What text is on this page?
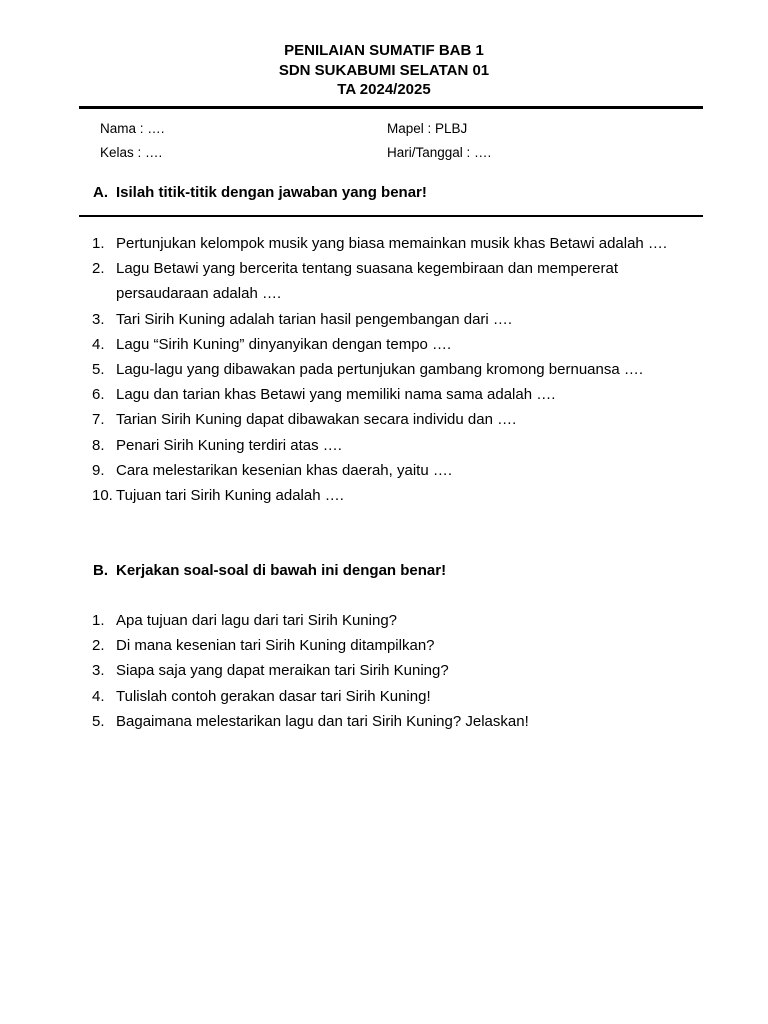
PENILAIAN SUMATIF BAB 1
SDN SUKABUMI SELATAN 01
TA 2024/2025
Nama : ….
Kelas : ….
Mapel : PLBJ
Hari/Tanggal : ….
A. Isilah titik-titik dengan jawaban yang benar!
1. Pertunjukan kelompok musik yang biasa memainkan musik khas Betawi adalah ….
2. Lagu Betawi yang bercerita tentang suasana kegembiraan dan mempererat persaudaraan adalah ….
3. Tari Sirih Kuning adalah tarian hasil pengembangan dari ….
4. Lagu “Sirih Kuning” dinyanyikan dengan tempo ….
5. Lagu-lagu yang dibawakan pada pertunjukan gambang kromong bernuansa ….
6. Lagu dan tarian khas Betawi yang memiliki nama sama adalah ….
7. Tarian Sirih Kuning dapat dibawakan secara individu dan ….
8. Penari Sirih Kuning terdiri atas ….
9. Cara melestarikan kesenian khas daerah, yaitu ….
10. Tujuan tari Sirih Kuning adalah ….
B. Kerjakan soal-soal di bawah ini dengan benar!
1. Apa tujuan dari lagu dari tari Sirih Kuning?
2. Di mana kesenian tari Sirih Kuning ditampilkan?
3. Siapa saja yang dapat meraikan tari Sirih Kuning?
4. Tulislah contoh gerakan dasar tari Sirih Kuning!
5. Bagaimana melestarikan lagu dan tari Sirih Kuning? Jelaskan!
